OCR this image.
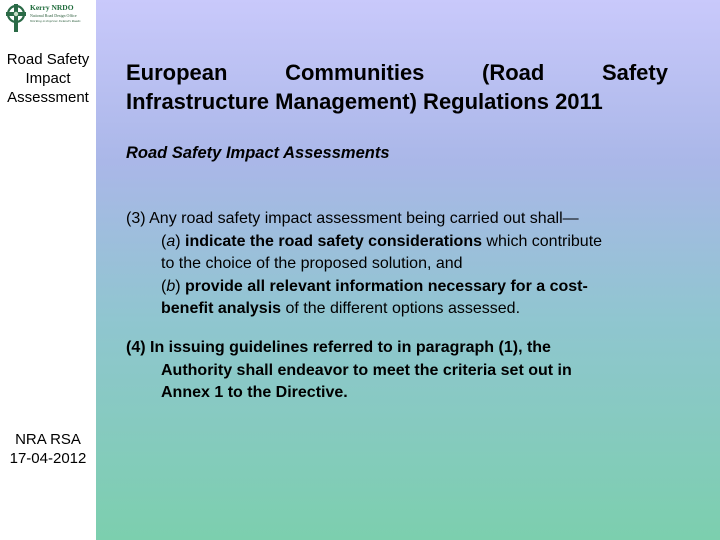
Kerry NRDO
National Road Design Office
Working to Improve Ireland's Roads
Road Safety
Impact
Assessment
NRA RSA
17-04-2012
European	Communities	(Road	Safety
Infrastructure Management) Regulations 2011
Road Safety Impact Assessments
(3) Any road safety impact assessment being carried out shall—
(a) indicate the road safety considerations which contribute
to the choice of the proposed solution, and
(b) provide all relevant information necessary for a cost-
benefit analysis of the different options assessed.
(4) In issuing guidelines referred to in paragraph (1), the
Authority shall endeavor to meet the criteria set out in
Annex 1 to the Directive.
